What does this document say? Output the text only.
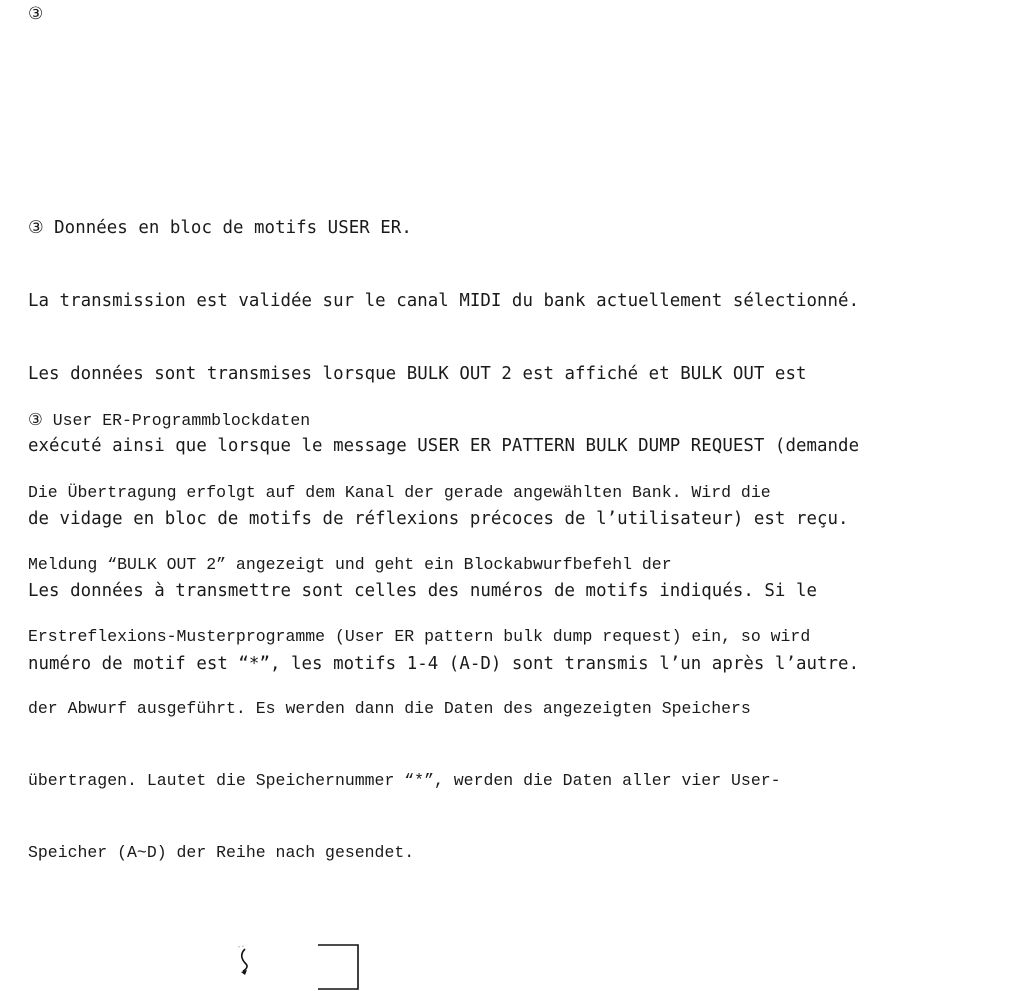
③

③ Données en bloc de motifs USER ER.

La transmission est validée sur le canal MIDI du bank actuellement sélectionné.

Les données sont transmises lorsque BULK OUT 2 est affiché et BULK OUT est

exécuté ainsi que lorsque le message USER ER PATTERN BULK DUMP REQUEST (demande

de vidage en bloc de motifs de réflexions précoces de l’utilisateur) est reçu.

Les données à transmettre sont celles des numéros de motifs indiqués. Si le

numéro de motif est “*”, les motifs 1-4 (A-D) sont transmis l’un après l’autre.

③ User ER-Programmblockdaten

Die Übertragung erfolgt auf dem Kanal der gerade angewählten Bank. Wird die

Meldung “BULK OUT 2” angezeigt und geht ein Blockabwurfbefehl der

Erstreflexions-Musterprogramme (User ER pattern bulk dump request) ein, so wird

der Abwurf ausgeführt. Es werden dann die Daten des angezeigten Speichers

übertragen. Lautet die Speichernummer “*”, werden die Daten aller vier User-

Speicher (A~D) der Reihe nach gesendet.
